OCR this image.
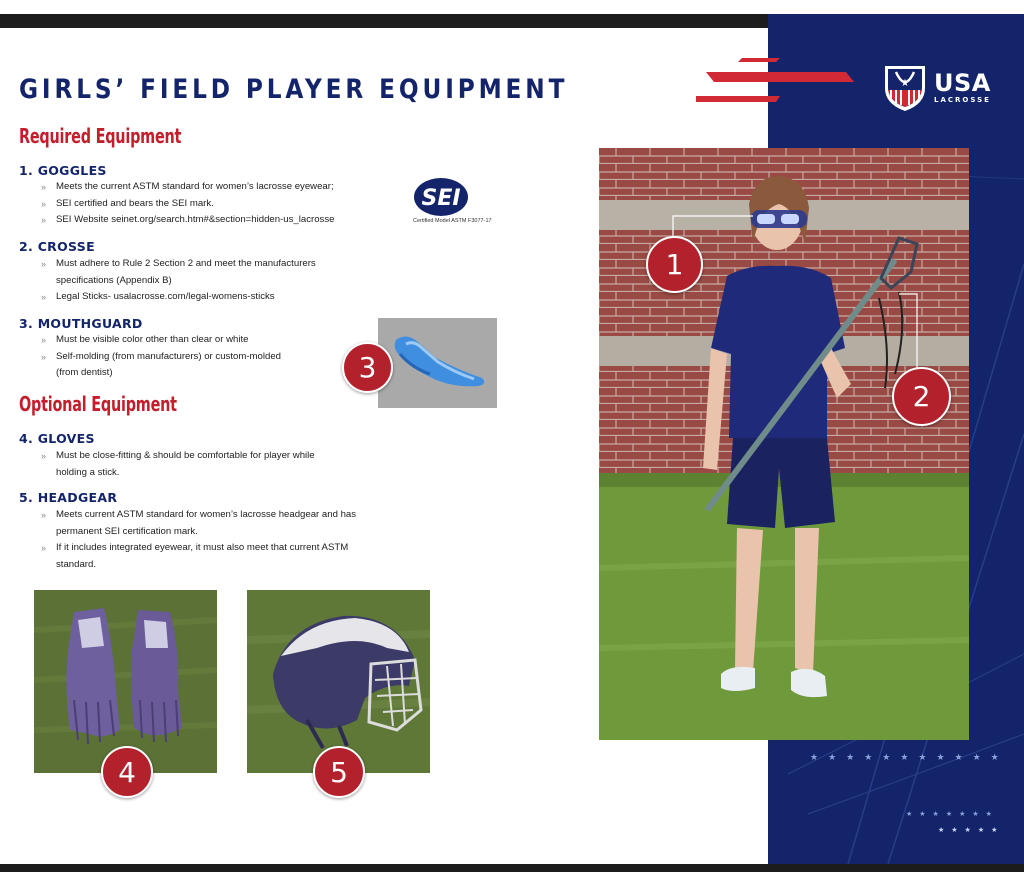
★★★★★★★★★★★
★★★★★★★
★★★★★
★ USA
LACROSSE
GIRLS’ FIELD PLAYER EQUIPMENT
Required Equipment
1. GOGGLES
» Meets the current ASTM standard for women’s lacrosse eyewear;
» SEI certified and bears the SEI mark.
» SEI Website seinet.org/search.htm#&section=hidden-us_lacrosse
2. CROSSE
» Must adhere to Rule 2 Section 2 and meet the manufacturers
specifications (Appendix B)
» Legal Sticks- usalacrosse.com/legal-womens-sticks
3. MOUTHGUARD
» Must be visible color other than clear or white
» Self-molding (from manufacturers) or custom-molded
(from dentist)
Optional Equipment
4. GLOVES
» Must be close-fitting & should be comfortable for player while
holding a stick.
5. HEADGEAR
» Meets current ASTM standard for women’s lacrosse headgear and has
permanent SEI certification mark.
» If it includes integrated eyewear, it must also meet that current ASTM
standard.
SEI
Certified Model ASTM F3077-17
3
4	5
1
2
